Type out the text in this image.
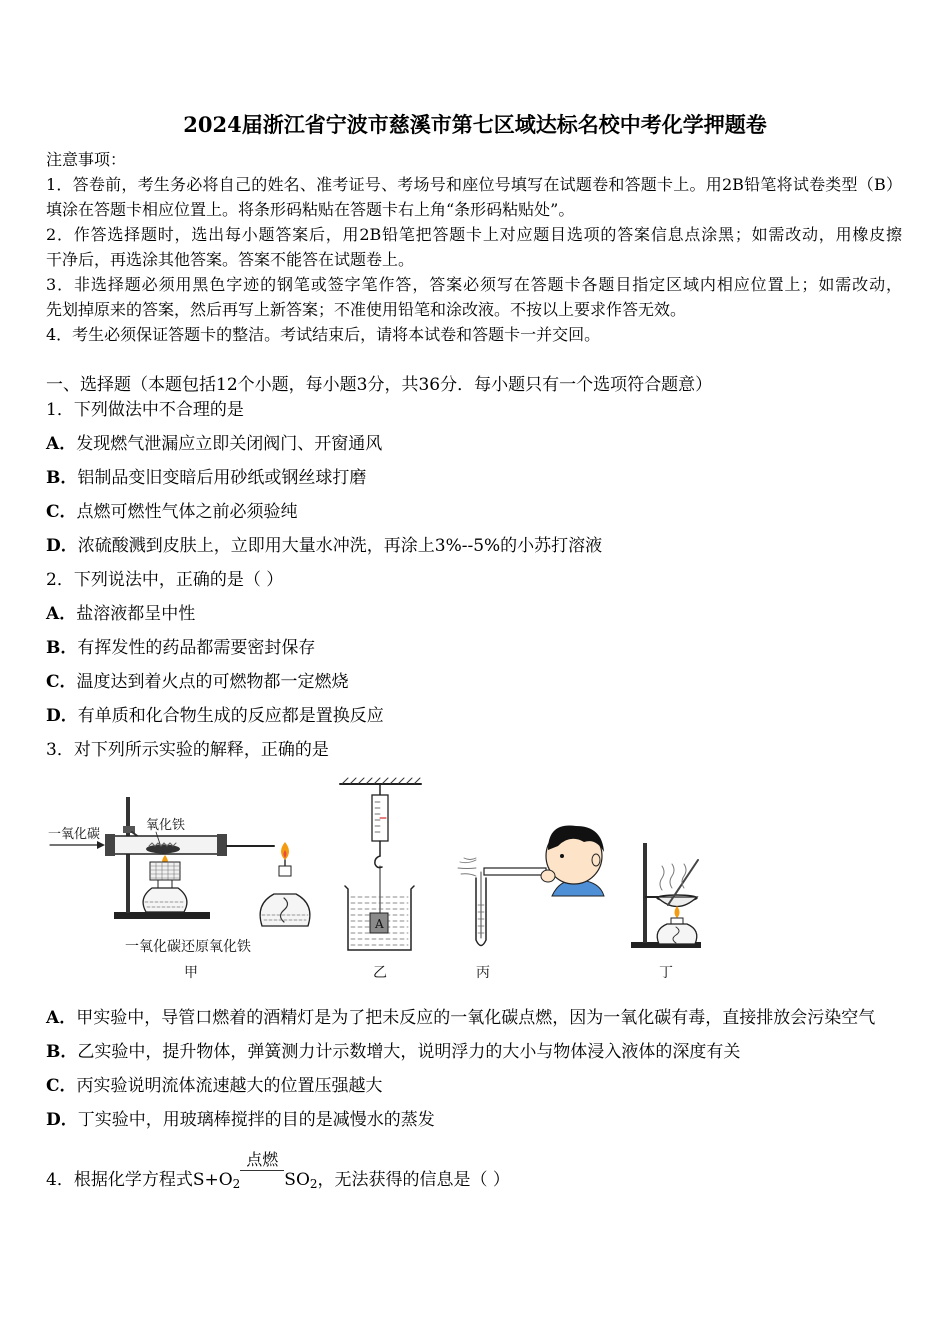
2024届浙江省宁波市慈溪市第七区域达标名校中考化学押题卷
注意事项：
1．答卷前，考生务必将自己的姓名、准考证号、考场号和座位号填写在试题卷和答题卡上。用2B铅笔将试卷类型（B）
填涂在答题卡相应位置上。将条形码粘贴在答题卡右上角“条形码粘贴处”。
2．作答选择题时，选出每小题答案后，用2B铅笔把答题卡上对应题目选项的答案信息点涂黑；如需改动，用橡皮擦
干净后，再选涂其他答案。答案不能答在试题卷上。
3．非选择题必须用黑色字迹的钢笔或签字笔作答，答案必须写在答题卡各题目指定区域内相应位置上；如需改动，
先划掉原来的答案，然后再写上新答案；不准使用铅笔和涂改液。不按以上要求作答无效。
4．考生必须保证答题卡的整洁。考试结束后，请将本试卷和答题卡一并交回。
一、选择题（本题包括12个小题，每小题3分，共36分．每小题只有一个选项符合题意）
1．下列做法中不合理的是
A．发现燃气泄漏应立即关闭阀门、开窗通风
B．铝制品变旧变暗后用砂纸或钢丝球打磨
C．点燃可燃性气体之前必须验纯
D．浓硫酸溅到皮肤上，立即用大量水冲洗，再涂上3%--5%的小苏打溶液
2．下列说法中，正确的是（ ）
A．盐溶液都呈中性
B．有挥发性的药品都需要密封保存
C．温度达到着火点的可燃物都一定燃烧
D．有单质和化合物生成的反应都是置换反应
3．对下列所示实验的解释，正确的是
一氧化碳
氧化铁
一氧化碳还原氧化铁
甲
A
乙	丙	丁
A．甲实验中，导管口燃着的酒精灯是为了把未反应的一氧化碳点燃，因为一氧化碳有毒，直接排放会污染空气
B．乙实验中，提升物体，弹簧测力计示数增大，说明浮力的大小与物体浸入液体的深度有关
C．丙实验说明流体流速越大的位置压强越大
D．丁实验中，用玻璃棒搅拌的目的是减慢水的蒸发
4．根据化学方程式$S+O_2$
点燃
$SO_2$，无法获得的信息是（ ）
